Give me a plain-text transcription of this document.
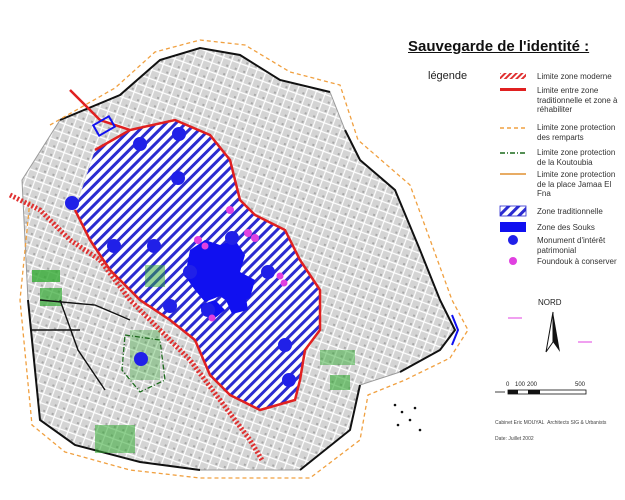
Sauvegarde de l'identité :
légende	Limite zone moderne
Limite entre zone
traditionnelle et zone à
réhabiliter
Limite zone protection
des remparts
Limite zone protection
de la Koutoubia
Limite zone protection
de la place Jamaa El
Fna
Zone traditionnelle
Zone des Souks
Monument d'intérêt
patrimonial
Foundouk à conserver
NORD
0 100 200	500
Cabinet Eric MOUYAL Architects SIG & Urbanists
Date: Juillet 2002
